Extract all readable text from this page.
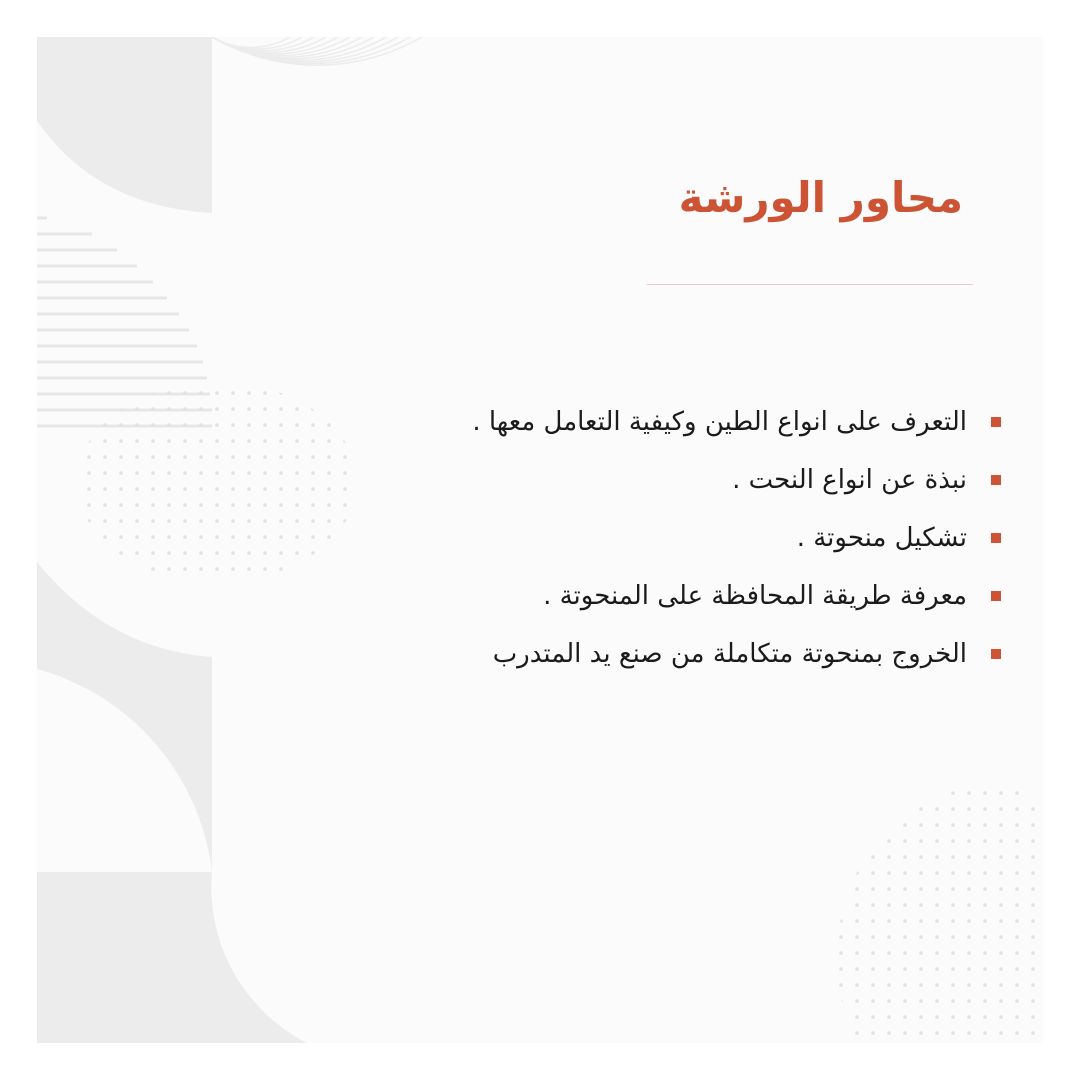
محاور الورشة
التعرف على انواع الطين وكيفية التعامل معها .
نبذة عن انواع النحت .
تشكيل منحوتة .
معرفة طريقة المحافظة على المنحوتة .
الخروج بمنحوتة متكاملة من صنع يد المتدرب
